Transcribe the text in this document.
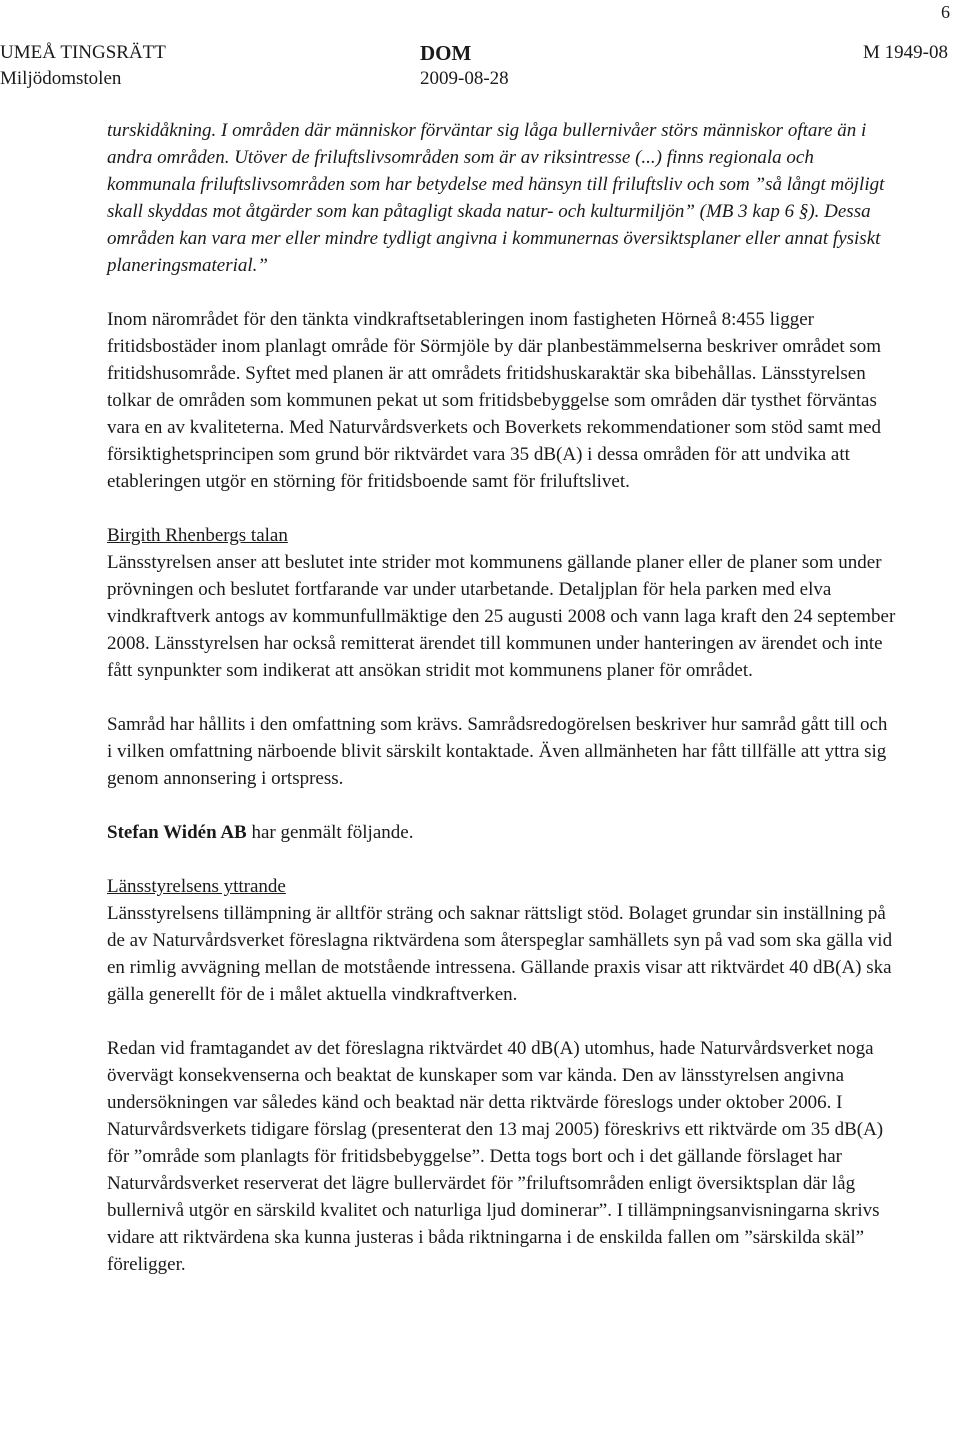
6
UMEÅ TINGSRÄTT
Miljödomstolen
DOM
2009-08-28
M 1949-08

turskidåkning. I områden där människor förväntar sig låga bullernivåer störs människor oftare än i andra områden. Utöver de friluftslivsområden som är av riksintresse (...) finns regionala och kommunala friluftslivsområden som har betydelse med hänsyn till friluftsliv och som ”så långt möjligt skall skyddas mot åtgärder som kan påtagligt skada natur- och kulturmiljön” (MB 3 kap 6 §). Dessa områden kan vara mer eller mindre tydligt angivna i kommunernas översiktsplaner eller annat fysiskt planeringsmaterial.”

Inom närområdet för den tänkta vindkraftsetableringen inom fastigheten Hörneå 8:455 ligger fritidsbostäder inom planlagt område för Sörmjöle by där planbestämmelserna beskriver området som fritidshusområde. Syftet med planen är att områdets fritidshuskaraktär ska bibehållas. Länsstyrelsen tolkar de områden som kommunen pekat ut som fritidsbebyggelse som områden där tysthet förväntas vara en av kvaliteterna. Med Naturvårdsverkets och Boverkets rekommendationer som stöd samt med försiktighetsprincipen som grund bör riktvärdet vara 35 dB(A) i dessa områden för att undvika att etableringen utgör en störning för fritidsboende samt för friluftslivet.

Birgith Rhenbergs talan

Länsstyrelsen anser att beslutet inte strider mot kommunens gällande planer eller de planer som under prövningen och beslutet fortfarande var under utarbetande. Detaljplan för hela parken med elva vindkraftverk antogs av kommunfullmäktige den 25 augusti 2008 och vann laga kraft den 24 september 2008. Länsstyrelsen har också remitterat ärendet till kommunen under hanteringen av ärendet och inte fått synpunkter som indikerat att ansökan stridit mot kommunens planer för området.

Samråd har hållits i den omfattning som krävs. Samrådsredogörelsen beskriver hur samråd gått till och i vilken omfattning närboende blivit särskilt kontaktade. Även allmänheten har fått tillfälle att yttra sig genom annonsering i ortspress.

Stefan Widén AB har genmält följande.

Länsstyrelsens yttrande

Länsstyrelsens tillämpning är alltför sträng och saknar rättsligt stöd. Bolaget grundar sin inställning på de av Naturvårdsverket föreslagna riktvärdena som återspeglar samhällets syn på vad som ska gälla vid en rimlig avvägning mellan de motstående intressena. Gällande praxis visar att riktvärdet 40 dB(A) ska gälla generellt för de i målet aktuella vindkraftverken.

Redan vid framtagandet av det föreslagna riktvärdet 40 dB(A) utomhus, hade Naturvårdsverket noga övervägt konsekvenserna och beaktat de kunskaper som var kända. Den av länsstyrelsen angivna undersökningen var således känd och beaktad när detta riktvärde föreslogs under oktober 2006. I Naturvårdsverkets tidigare förslag (presenterat den 13 maj 2005) föreskrivs ett riktvärde om 35 dB(A) för ”område som planlagts för fritidsbebyggelse”. Detta togs bort och i det gällande förslaget har Naturvårdsverket reserverat det lägre bullervärdet för ”friluftsområden enligt översiktsplan där låg bullernivå utgör en särskild kvalitet och naturliga ljud dominerar”. I tillämpningsanvisningarna skrivs vidare att riktvärdena ska kunna justeras i båda riktningarna i de enskilda fallen om ”särskilda skäl” föreligger.
